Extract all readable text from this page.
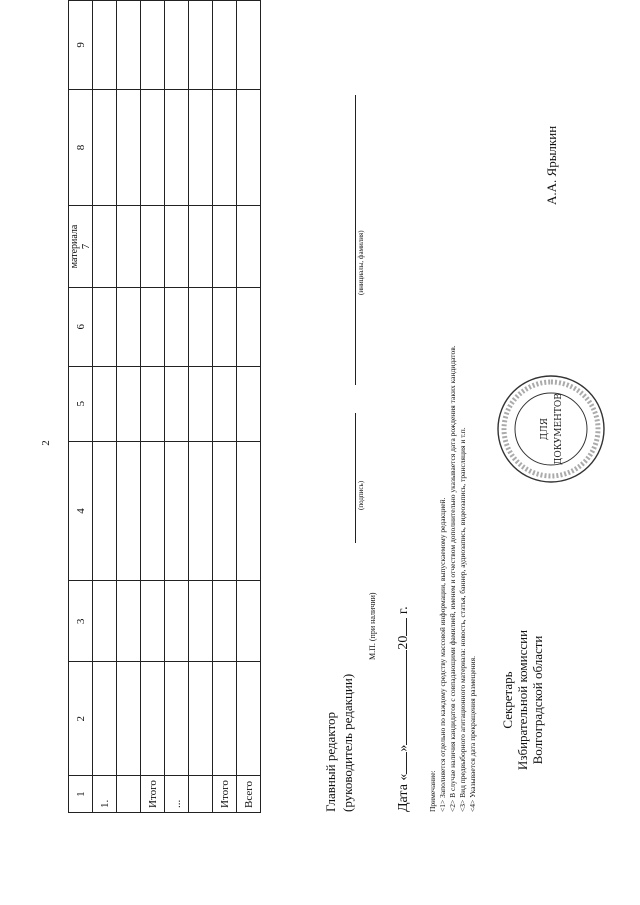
2
1	2	3	4	5	6	материала 7	8	9
1.								

Итого								
...								

Итого								
Всего									Главный редактор (руководитель редакции)
(подпись)
(инициалы, фамилия)
М.П. (при наличии)
Дата «»20 г.
Примечание: <1> Заполняется отдельно по каждому средству массовой информации, выпускаемому редакцией. <2> В случае наличия кандидатов с совпадающими фамилией, именем и отчеством дополнительно указывается дата рождения таких кандидатов. <3> Вид предвыборного агитационного материала: новость, статья, баннер, аудиозапись, видеозапись, трансляция и т.п. <4> Указывается дата прекращения размещения. Секретарь Избирательной комиссии Волгоградской области
А.А. Ярылкин
ДЛЯ ДОКУМЕНТОВ
